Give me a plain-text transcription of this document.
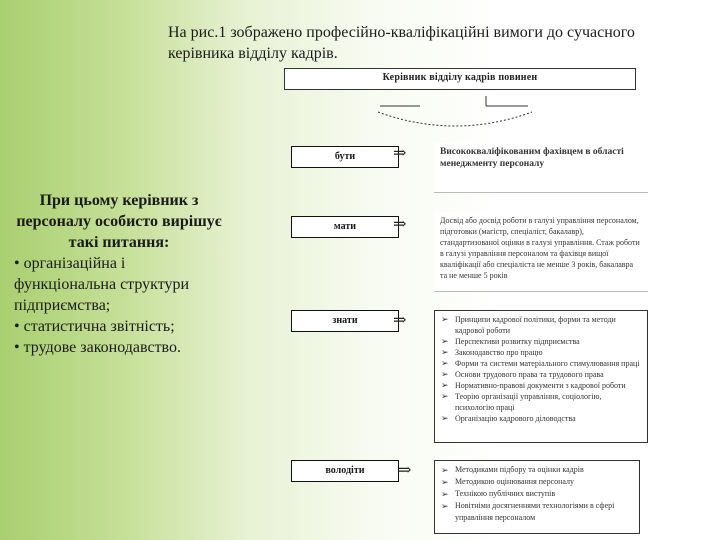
На рис.1 зображено професійно-кваліфікаційні вимоги до сучасного керівника відділу кадрів.
При цьому керівник з персоналу особисто вирішує такі питання:
• організаційна і функціональна структури підприємства;
• статистична звітність;
• трудове законодавство.
Керівник відділу кадрів повинен
бути	⇒	Висококваліфікованим фахівцем в області менеджменту персоналу
мати	⇒	Досвід або досвід роботи в галузі управління персоналом, підготовки (магістр, спеціаліст, бакалавр), стандартизованої оцінки в галузі управління. Стаж роботи в галузі управління персоналом та фахівця вищої кваліфікації або спеціаліста не менше 3 років, бакалавра та не менше 5 років
знати	⇒	➢ Принципи кадрової політики, форми та методи кадрової роботи
➢ Перспективи розвитку підприємства
➢ Законодавство про працю
➢ Форми та системи матеріального стимулювання праці
➢ Основи трудового права та трудового права
➢ Нормативно-правові документи з кадрової роботи
➢ Теорію організації управління, соціологію, психологію праці
➢ Організацію кадрового діловодства
володіти	⇒	➢ Методиками підбору та оцінки кадрів
➢ Методикою оцінювання персоналу
➢ Технікою публічних виступів
➢ Новітніми досягненнями технологіями в сфері управління персоналом
